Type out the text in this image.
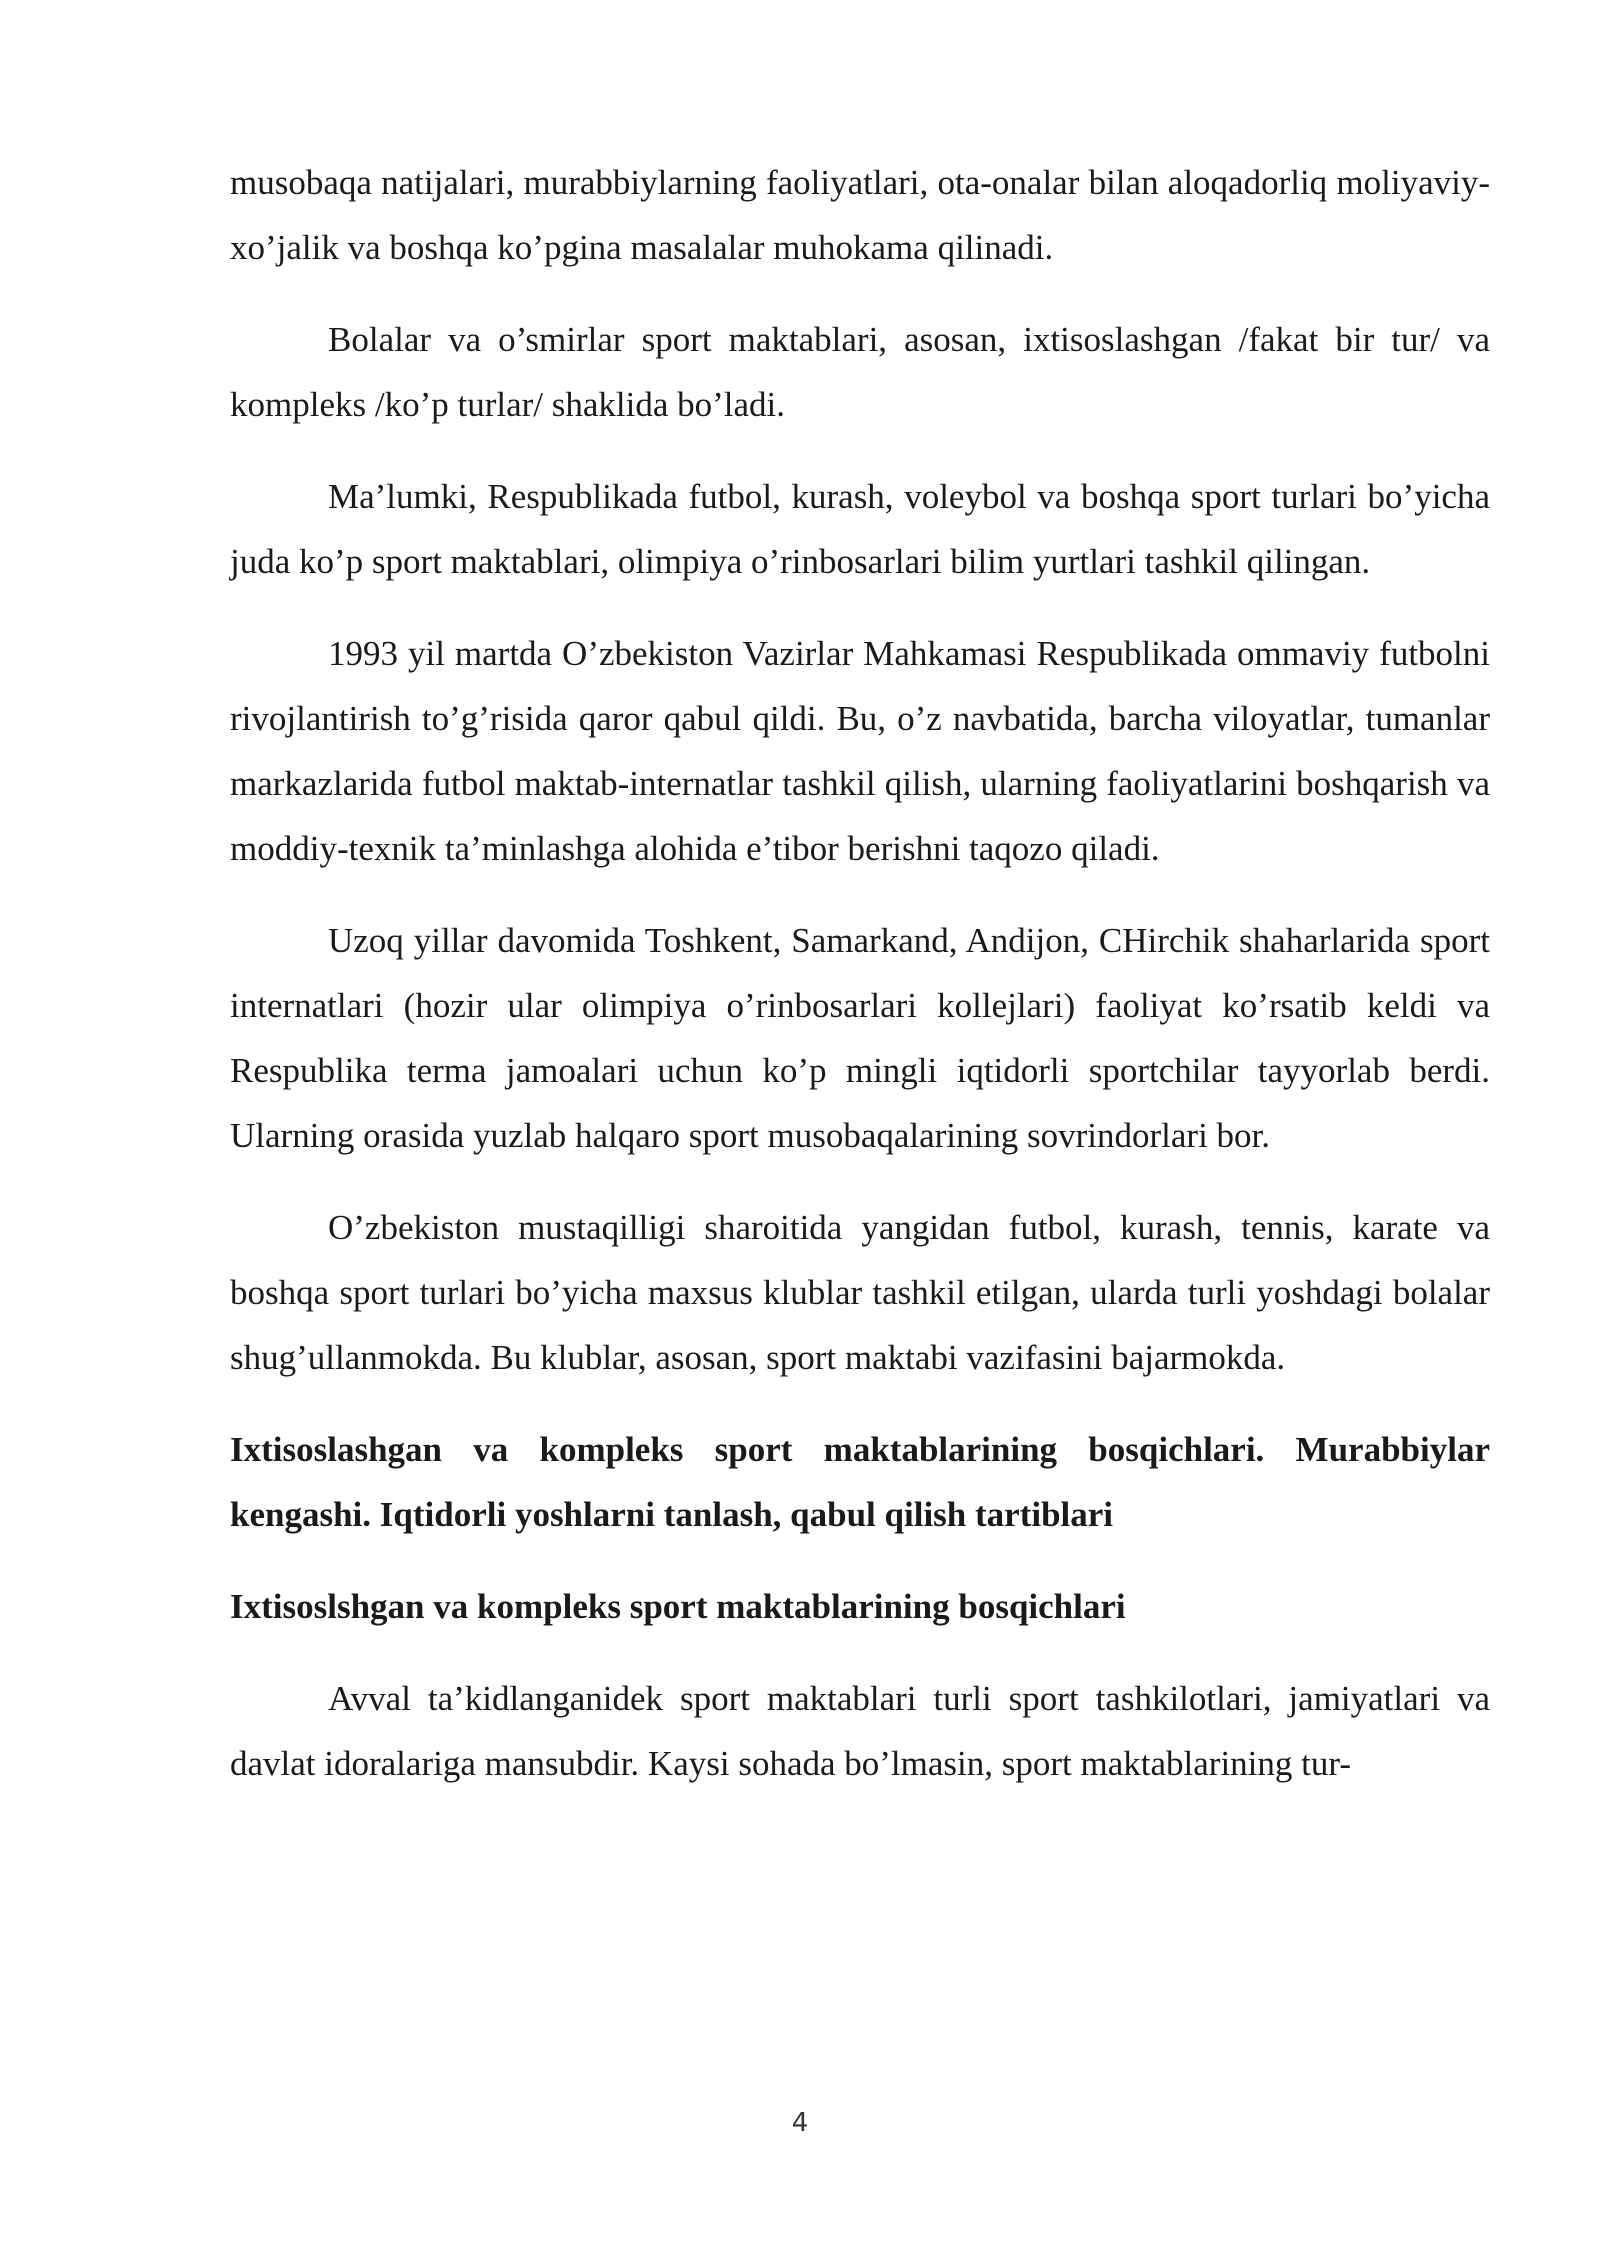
musobaqa natijalari, murabbiylarning faoliyatlari, ota-onalar bilan aloqadorliq moliyaviy-xo’jalik va boshqa ko’pgina masalalar muhokama qilinadi.

Bolalar va o’smirlar sport maktablari, asosan, ixtisoslashgan /fakat bir tur/ va kompleks /ko’p turlar/ shaklida bo’ladi.

Ma’lumki, Respublikada futbol, kurash, voleybol va boshqa sport turlari bo’yicha juda ko’p sport maktablari, olimpiya o’rinbosarlari bilim yurtlari tashkil qilingan.

1993 yil martda O’zbekiston Vazirlar Mahkamasi Respublikada ommaviy futbolni rivojlantirish to’g’risida qaror qabul qildi. Bu, o’z navbatida, barcha viloyatlar, tumanlar markazlarida futbol maktab-internatlar tashkil qilish, ularning faoliyatlarini boshqarish va moddiy-texnik ta’minlashga alohida e’tibor berishni taqozo qiladi.

Uzoq yillar davomida Toshkent, Samarkand, Andijon, CHirchik shaharlarida sport internatlari (hozir ular olimpiya o’rinbosarlari kollejlari) faoliyat ko’rsatib keldi va Respublika terma jamoalari uchun ko’p mingli iqtidorli sportchilar tayyorlab berdi. Ularning orasida yuzlab halqaro sport musobaqalarining sovrindorlari bor.

O’zbekiston mustaqilligi sharoitida yangidan futbol, kurash, tennis, karate va boshqa sport turlari bo’yicha maxsus klublar tashkil etilgan, ularda turli yoshdagi bolalar shug’ullanmokda. Bu klublar, asosan, sport maktabi vazifasini bajarmokda.

Ixtisoslashgan va kompleks sport maktablarining bosqichlari. Murabbiylar kengashi. Iqtidorli yoshlarni tanlash, qabul qilish tartiblari

Ixtisoslshgan va kompleks sport maktablarining bosqichlari

Avval ta’kidlanganidek sport maktablari turli sport tashkilotlari, jamiyatlari va davlat idoralariga mansubdir. Kaysi sohada bo’lmasin, sport maktablarining tur-

4
